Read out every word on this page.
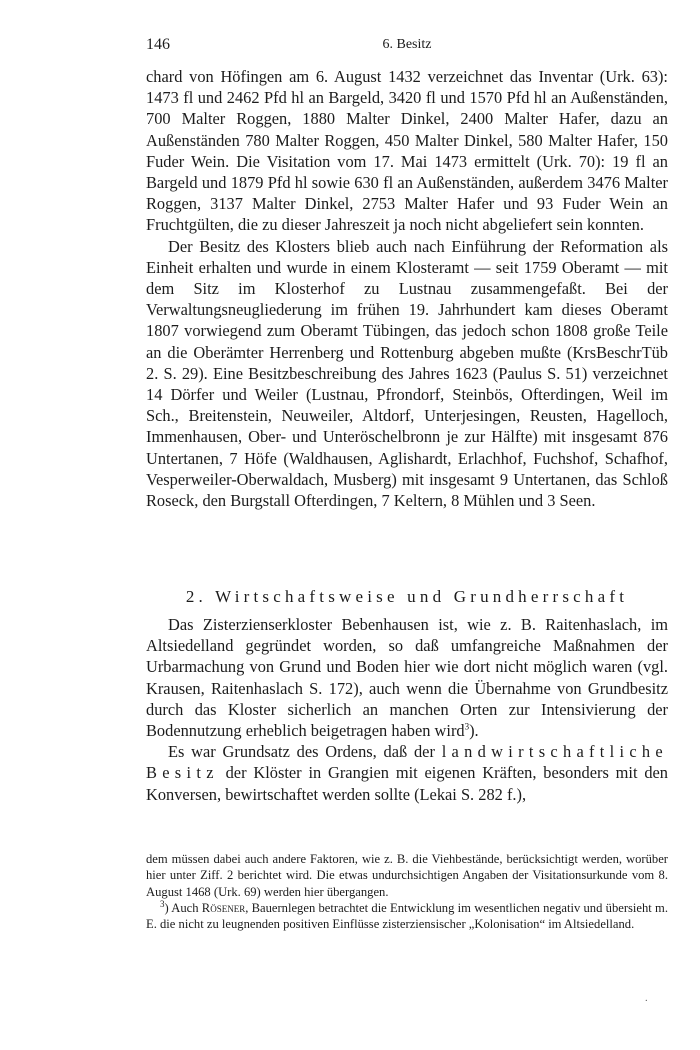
146	6. Besitz

chard von Höfingen am 6. August 1432 verzeichnet das Inventar (Urk. 63): 1473 fl und 2462 Pfd hl an Bargeld, 3420 fl und 1570 Pfd hl an Außenständen, 700 Malter Roggen, 1880 Malter Dinkel, 2400 Malter Hafer, dazu an Außenständen 780 Malter Roggen, 450 Malter Dinkel, 580 Malter Hafer, 150 Fuder Wein. Die Visitation vom 17. Mai 1473 ermittelt (Urk. 70): 19 fl an Bargeld und 1879 Pfd hl sowie 630 fl an Außenständen, außerdem 3476 Malter Roggen, 3137 Malter Dinkel, 2753 Malter Hafer und 93 Fuder Wein an Fruchtgülten, die zu dieser Jahreszeit ja noch nicht abgeliefert sein konnten.

Der Besitz des Klosters blieb auch nach Einführung der Reformation als Einheit erhalten und wurde in einem Klosteramt — seit 1759 Oberamt — mit dem Sitz im Klosterhof zu Lustnau zusammengefaßt. Bei der Verwaltungsneugliederung im frühen 19. Jahrhundert kam dieses Oberamt 1807 vorwiegend zum Oberamt Tübingen, das jedoch schon 1808 große Teile an die Oberämter Herrenberg und Rottenburg abgeben mußte (KrsBeschrTüb 2. S. 29). Eine Besitzbeschreibung des Jahres 1623 (Paulus S. 51) verzeichnet 14 Dörfer und Weiler (Lustnau, Pfrondorf, Steinbös, Ofterdingen, Weil im Sch., Breitenstein, Neuweiler, Altdorf, Unterjesingen, Reusten, Hagelloch, Immenhausen, Ober- und Unteröschelbronn je zur Hälfte) mit insgesamt 876 Untertanen, 7 Höfe (Waldhausen, Aglishardt, Erlachhof, Fuchshof, Schafhof, Vesperweiler-Oberwaldach, Musberg) mit insgesamt 9 Untertanen, das Schloß Roseck, den Burgstall Ofterdingen, 7 Keltern, 8 Mühlen und 3 Seen.

2. Wirtschaftsweise und Grundherrschaft

Das Zisterzienserkloster Bebenhausen ist, wie z. B. Raitenhaslach, im Altsiedelland gegründet worden, so daß umfangreiche Maßnahmen der Urbarmachung von Grund und Boden hier wie dort nicht möglich waren (vgl. Krausen, Raitenhaslach S. 172), auch wenn die Übernahme von Grundbesitz durch das Kloster sicherlich an manchen Orten zur Intensivierung der Bodennutzung erheblich beigetragen haben wird$^3$).

Es war Grundsatz des Ordens, daß der landwirtschaftliche Besitz der Klöster in Grangien mit eigenen Kräften, besonders mit den Konversen, bewirtschaftet werden sollte (Lekai S. 282 f.),

dem müssen dabei auch andere Faktoren, wie z. B. die Viehbestände, berücksichtigt werden, worüber hier unter Ziff. 2 berichtet wird. Die etwas undurchsichtigen Angaben der Visitationsurkunde vom 8. August 1468 (Urk. 69) werden hier übergangen.

$^3$) Auch Rösener, Bauernlegen betrachtet die Entwicklung im wesentlichen negativ und übersieht m. E. die nicht zu leugnenden positiven Einflüsse zisterziensischer „Kolonisation“ im Altsiedelland.

·
